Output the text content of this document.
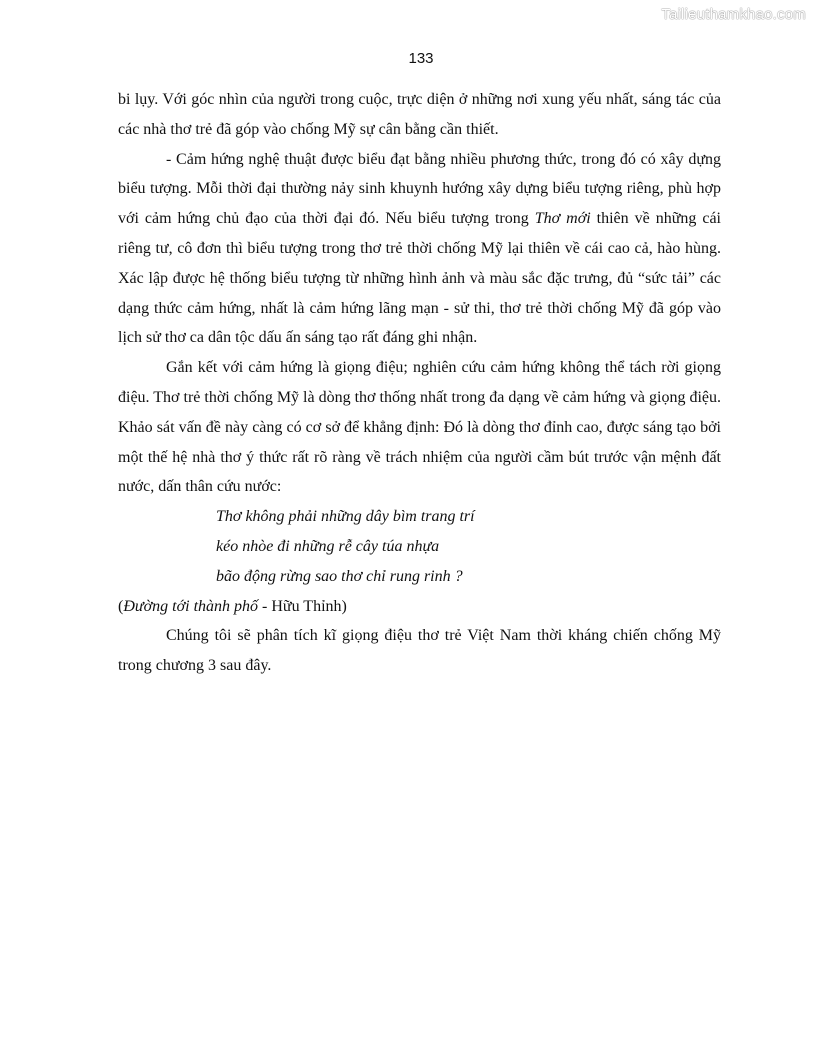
Tailieuthamkhao.com
133

bi lụy. Với góc nhìn của người trong cuộc, trực diện ở những nơi xung yếu nhất, sáng tác của các nhà thơ trẻ đã góp vào chống Mỹ sự cân bằng cần thiết.

- Cảm hứng nghệ thuật được biểu đạt bằng nhiều phương thức, trong đó có xây dựng biểu tượng. Mỗi thời đại thường nảy sinh khuynh hướng xây dựng biểu tượng riêng, phù hợp với cảm hứng chủ đạo của thời đại đó. Nếu biểu tượng trong Thơ mới thiên về những cái riêng tư, cô đơn thì biểu tượng trong thơ trẻ thời chống Mỹ lại thiên về cái cao cả, hào hùng. Xác lập được hệ thống biểu tượng từ những hình ảnh và màu sắc đặc trưng, đủ “sức tải” các dạng thức cảm hứng, nhất là cảm hứng lãng mạn - sử thi, thơ trẻ thời chống Mỹ đã góp vào lịch sử thơ ca dân tộc dấu ấn sáng tạo rất đáng ghi nhận.

Gắn kết với cảm hứng là giọng điệu; nghiên cứu cảm hứng không thể tách rời giọng điệu. Thơ trẻ thời chống Mỹ là dòng thơ thống nhất trong đa dạng về cảm hứng và giọng điệu. Khảo sát vấn đề này càng có cơ sở để khẳng định: Đó là dòng thơ đỉnh cao, được sáng tạo bởi một thế hệ nhà thơ ý thức rất rõ ràng về trách nhiệm của người cầm bút trước vận mệnh đất nước, dấn thân cứu nước:

Thơ không phải những dây bìm trang trí
kéo nhòe đi những rễ cây túa nhựa
bão động rừng sao thơ chỉ rung rinh ?

(Đường tới thành phố - Hữu Thỉnh)

Chúng tôi sẽ phân tích kĩ giọng điệu thơ trẻ Việt Nam thời kháng chiến chống Mỹ trong chương 3 sau đây.
